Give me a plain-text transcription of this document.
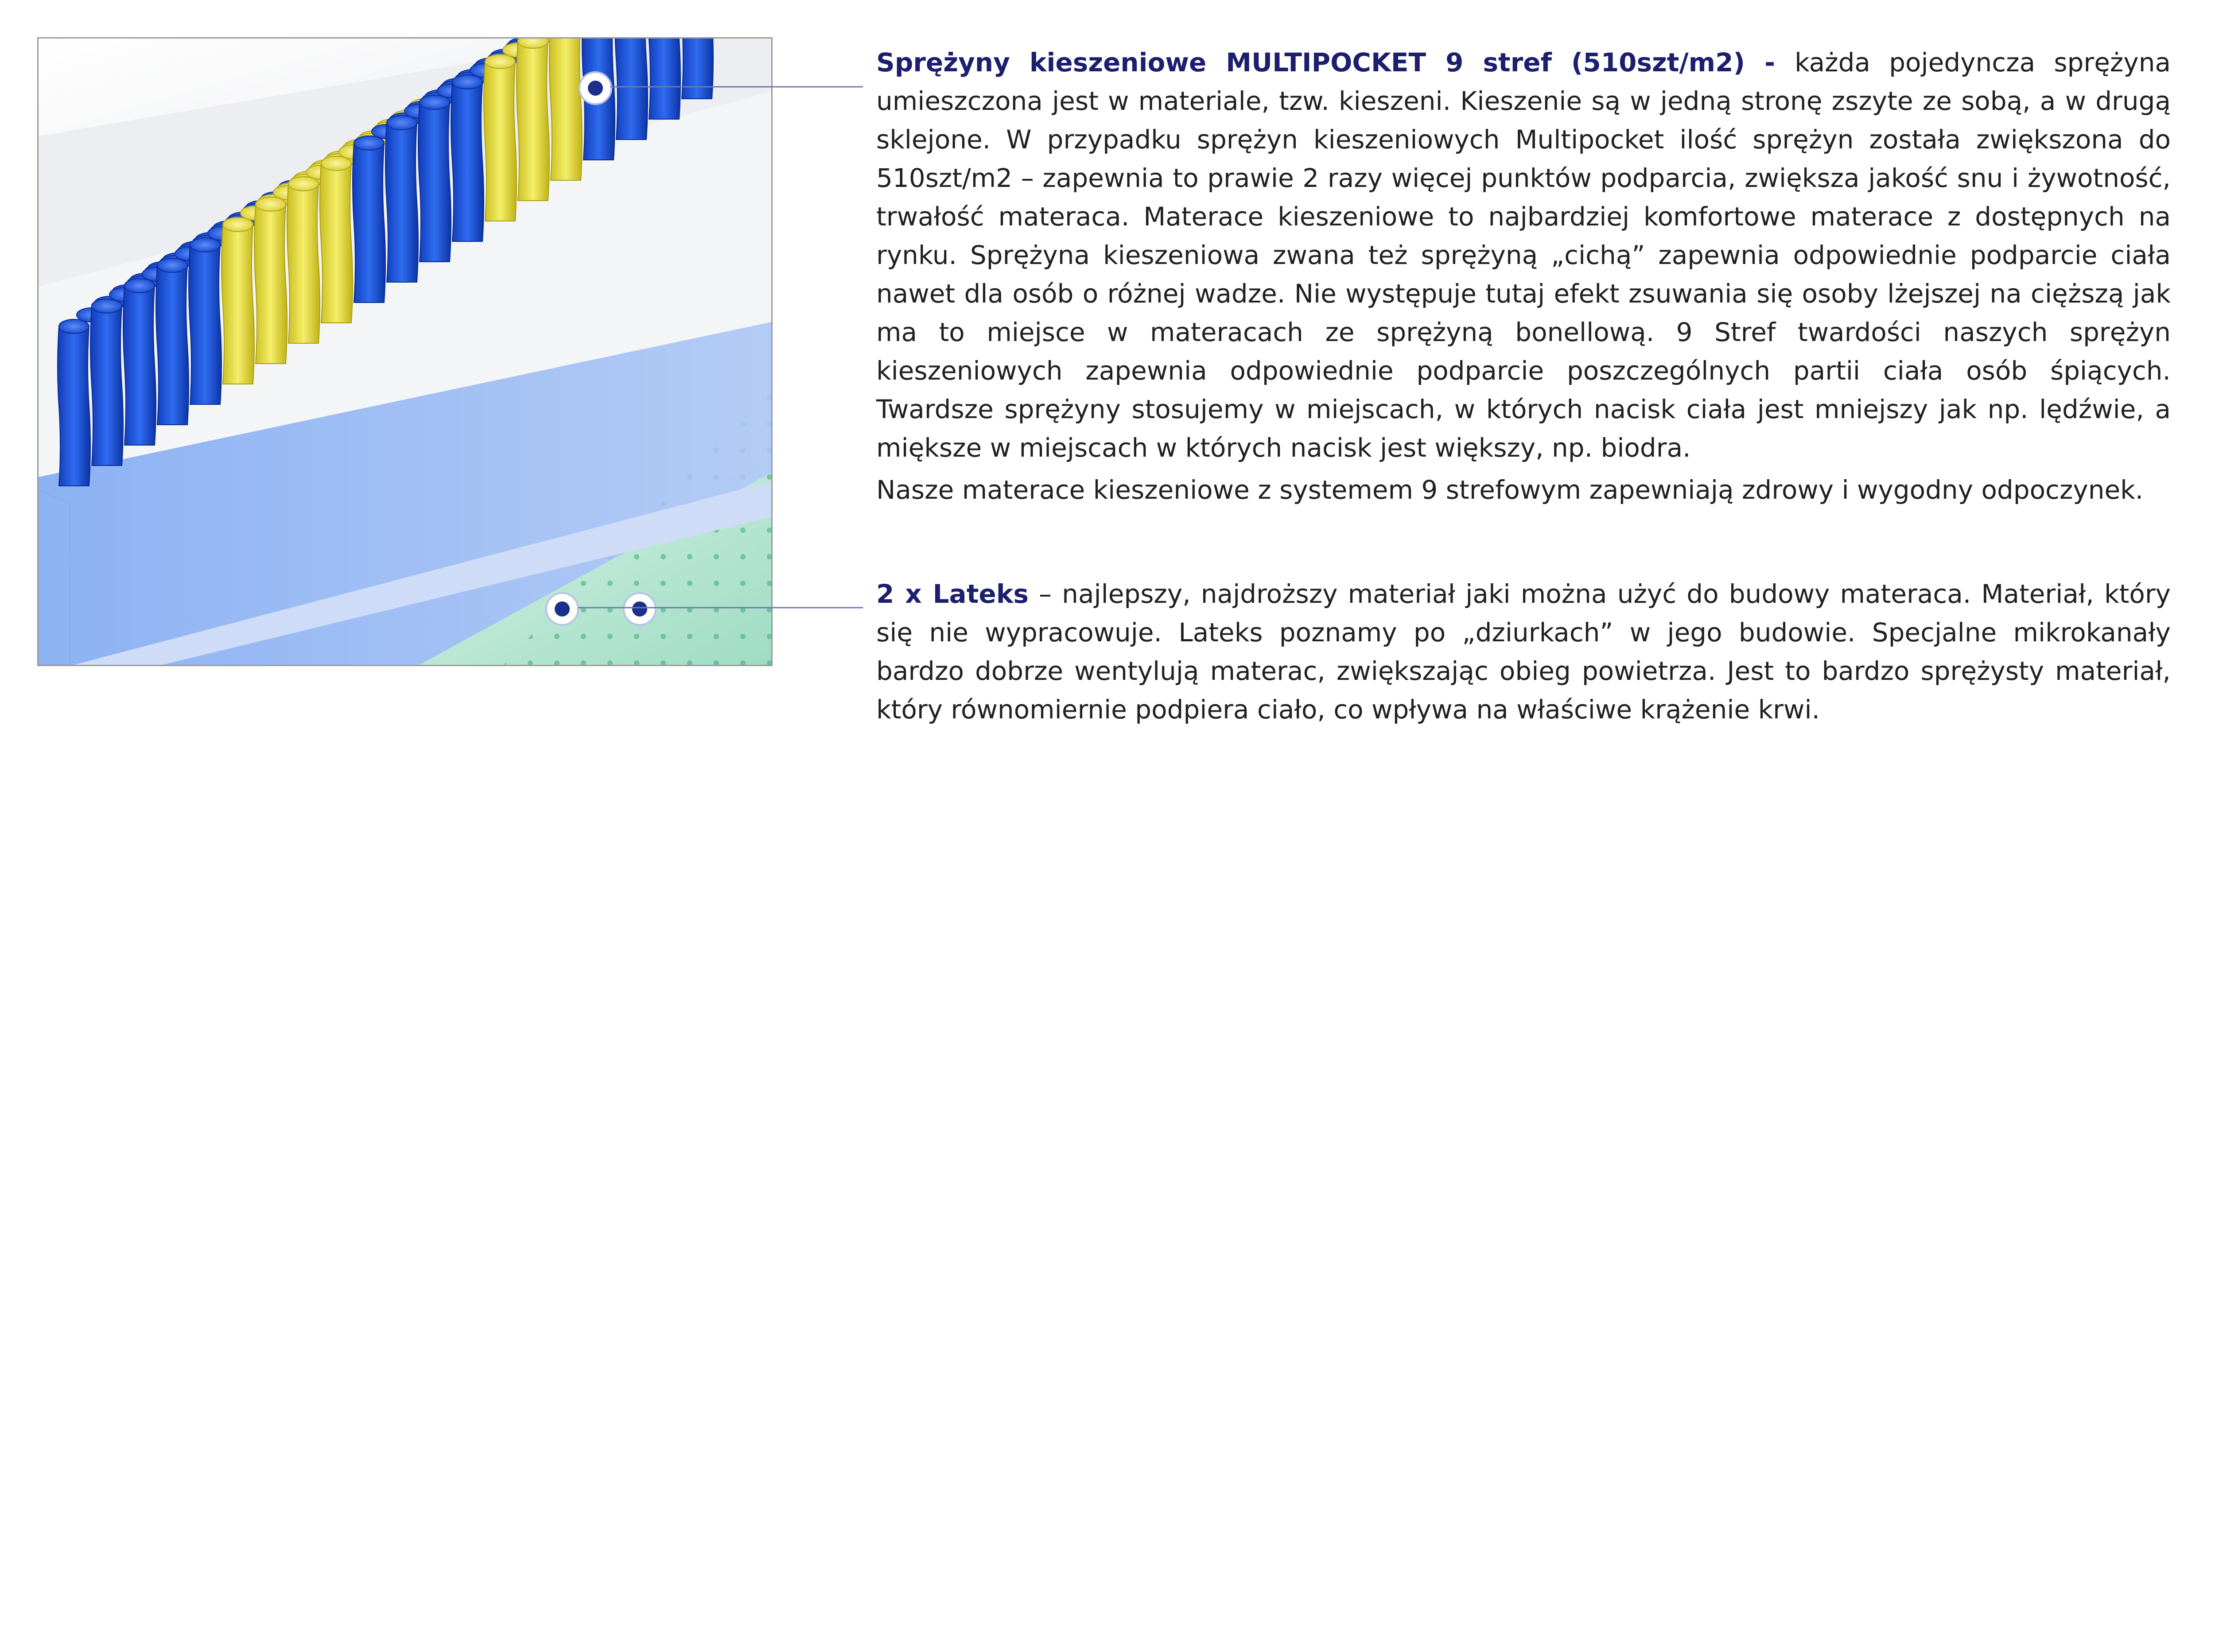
Sprężyny kieszeniowe MULTIPOCKET 9 stref (510szt/m2) - każda pojedyncza sprężyna umieszczona jest w materiale, tzw. kieszeni. Kieszenie są w jedną stronę zszyte ze sobą, a w drugą sklejone. W przypadku sprężyn kieszeniowych Multipocket ilość sprężyn została zwiększona do 510szt/m2 – zapewnia to prawie 2 razy więcej punktów podparcia, zwiększa jakość snu i żywotność, trwałość materaca. Materace kieszeniowe to najbardziej komfortowe materace z dostępnych na rynku. Sprężyna kieszeniowa zwana też sprężyną „cichą” zapewnia odpowiednie podparcie ciała nawet dla osób o różnej wadze. Nie występuje tutaj efekt zsuwania się osoby lżejszej na cięższą jak ma to miejsce w materacach ze sprężyną bonellową. 9 Stref twardości naszych sprężyn kieszeniowych zapewnia odpowiednie podparcie poszczególnych partii ciała osób śpiących. Twardsze sprężyny stosujemy w miejscach, w których nacisk ciała jest mniejszy jak np. lędźwie, a miększe w miejscach w których nacisk jest większy, np. biodra.

Nasze materace kieszeniowe z systemem 9 strefowym zapewniają zdrowy i wygodny odpoczynek.

2 x Lateks – najlepszy, najdroższy materiał jaki można użyć do budowy materaca. Materiał, który się nie wypracowuje. Lateks poznamy po „dziurkach” w jego budowie. Specjalne mikrokanały bardzo dobrze wentylują materac, zwiększając obieg powietrza. Jest to bardzo sprężysty materiał, który równomiernie podpiera ciało, co wpływa na właściwe krążenie krwi.
